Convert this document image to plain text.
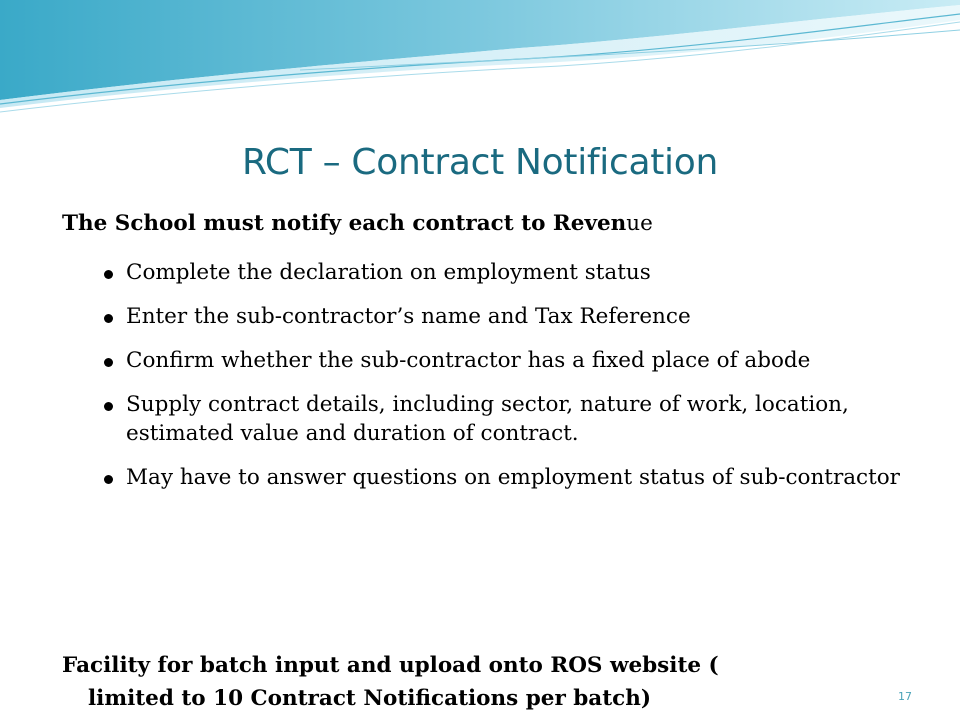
RCT – Contract Notification
The School must notify each contract to Revenue
Complete the declaration on employment status
Enter the sub-contractor’s name and Tax Reference
Confirm whether the sub-contractor has a fixed place of abode
Supply contract details, including sector, nature of work, location, estimated value and duration of contract.
May have to answer questions on employment status of sub-contractor
Facility for batch input and upload onto ROS website (
limited to 10 Contract Notifications per batch)	17
